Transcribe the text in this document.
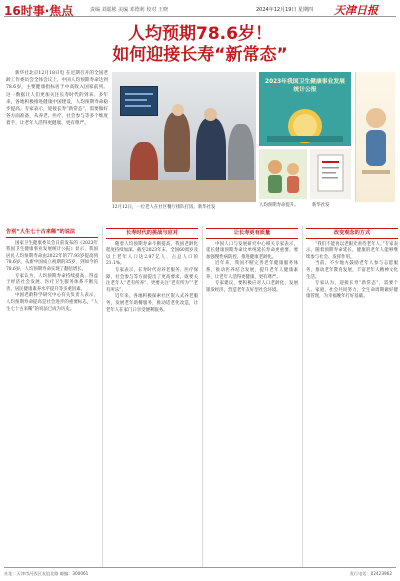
16时事·焦点	责编 刘聪彬 美编 邓德莉 校对 王晓	2024年12月19日 星期四 天津日报
人均预期78.6岁！
如何迎接长寿“新常态”
新华社北京12月18日电 在近期召开的全国老龄工作委员会全体会议上，中国人均预期寿命达到78.6岁，主要健康指标居于中高收入国家前列。这一数据让人们更加关注长寿时代的到来。多年来，各地积极推进健康中国建设，人均预期寿命稳步提高。专家表示，迎接长寿“新常态”，需要做好各方面准备，从养老、医疗、社会参与等多个维度着手，让老年人活得更健康、更有尊严。
12月12日，一位老人在社区餐厅排队打饭。新华社发
2023年我国卫生健康事业发展统计公报
人均预期寿命提升。	新华社发
告别“人生七十古来稀”的说法

国家卫生健康委员会日前发布的《2023年我国卫生健康事业发展统计公报》显示，我国居民人均预期寿命由2022年的77.93岁提高到78.6岁。从新中国成立初期的35岁，到如今的78.6岁，人均预期寿命实现了翻倍增长。

专家认为，人均预期寿命持续提高，得益于经济社会发展、医疗卫生服务体系不断完善、居民健康素养水平提升等多重因素。

中国老龄科学研究中心有关负责人表示，人均预期寿命提高是社会进步的重要标志，“人生七十古来稀”的说法已成为历史。

长寿时代的挑战与应对

随着人均预期寿命不断提高，我国老龄化程度持续加深。截至2023年末，全国60周岁及以上老年人口达2.97亿人，占总人口的21.1%。

专家表示，长寿时代对养老服务、医疗保障、社会参与等方面提出了更高要求。既要关注老年人“老有所养”，更要关注“老有所为”“老有所乐”。

近年来，各地积极探索社区嵌入式养老服务，发展老年助餐服务，推动适老化改造，让老年人在家门口享受便利服务。

让长寿更有质量

中国人口与发展研究中心相关专家表示，延长健康预期寿命比单纯延长寿命更重要。要加强慢性病防控，推进健康老龄化。

近年来，我国不断完善老年健康服务体系，推动医养结合发展，提升老年人健康素养，让老年人活得更健康、更有尊严。

专家建议，要积极应对人口老龄化，发展银发经济，营造老年友好型社会环境。

改变观念的方式

“我们不能再以老眼光看待老年人。”专家表示，随着预期寿命延长，健康的老年人能够继续参与社会、发挥作用。

当前，不少地方鼓励老年人参与志愿服务，推动老年教育发展，丰富老年人精神文化生活。

专家认为，迎接长寿“新常态”，需要个人、家庭、社会共同努力，全生命周期做好健康管理，为幸福晚年打好基础。

社址：天津市河西区友谊北路 邮编：300061	发行电话：02423962
